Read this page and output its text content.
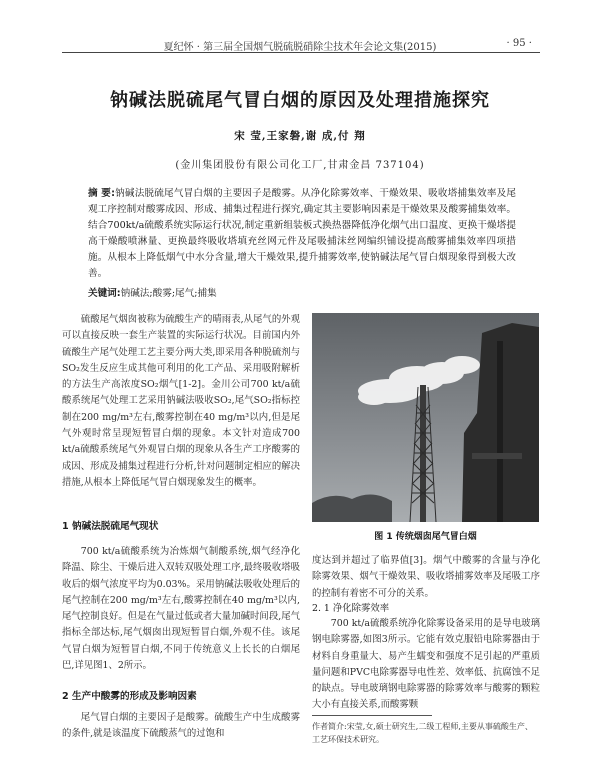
夏纪怀 · 第三届全国烟气脱硫脱硝除尘技术年会论文集(2015)	· 95 ·
钠碱法脱硫尾气冒白烟的原因及处理措施探究
宋 莹,王家磐,谢 成,付 翔
(金川集团股份有限公司化工厂,甘肃金昌 737104)
摘 要:钠碱法脱硫尾气冒白烟的主要因子是酸雾。从净化除雾效率、干燥效果、吸收塔捕集效率及尾观工序控制对酸雾成因、形成、捕集过程进行探究,确定其主要影响因素是干燥效果及酸雾捕集效率。结合700kt/a硫酸系统实际运行状况,制定重新组装板式换热器降低净化烟气出口温度、更换干燥塔提高干燥酸喷淋量、更换最终吸收塔填充丝网元件及尾吸捕沫丝网编织铺设提高酸雾捕集效率四项措施。从根本上降低烟气中水分含量,增大干燥效果,提升捕雾效率,使钠碱法尾气冒白烟现象得到极大改善。
关键词:钠碱法;酸雾;尾气;捕集

硫酸尾气烟囱被称为硫酸生产的晴雨表,从尾气的外观可以直接反映一套生产装置的实际运行状况。目前国内外硫酸生产尾气处理工艺主要分两大类,即采用各种脱硫剂与SO₂发生反应生成其他可利用的化工产品、采用吸附解析的方法生产高浓度SO₂烟气[1-2]。金川公司700 kt/a硫酸系统尾气处理工艺采用钠碱法吸收SO₂,尾气SO₂指标控制在200 mg/m³左右,酸雾控制在40 mg/m³以内,但是尾气外观时常呈现短暂冒白烟的现象。本文针对造成700 kt/a硫酸系统尾气外观冒白烟的现象从各生产工序酸雾的成因、形成及捕集过程进行分析,针对问题制定相应的解决措施,从根本上降低尾气冒白烟现象发生的概率。

1 钠碱法脱硫尾气现状

700 kt/a硫酸系统为冶炼烟气制酸系统,烟气经净化降温、除尘、干燥后进入双转双吸处理工序,最终吸收塔吸收后的烟气浓度平均为0.03%。采用钠碱法吸收处理后的尾气控制在200 mg/m³左右,酸雾控制在40 mg/m³以内,尾气控制良好。但是在气量过低或者大量加碱时间段,尾气指标全部达标,尾气烟囱出现短暂冒白烟,外观不佳。该尾气冒白烟为短暂冒白烟,不同于传统意义上长长的白烟尾巴,详见图1、2所示。

2 生产中酸雾的形成及影响因素

尾气冒白烟的主要因子是酸雾。硫酸生产中生成酸雾的条件,就是该温度下硫酸蒸气的过饱和

图 1 传统烟囱尾气冒白烟

度达到并超过了临界值[3]。烟气中酸雾的含量与净化除雾效果、烟气干燥效果、吸收塔捕雾效率及尾吸工序的控制有着密不可分的关系。

2. 1 净化除雾效率

700 kt/a硫酸系统净化除雾设备采用的是导电玻璃钢电除雾器,如图3所示。它能有效克服铅电除雾器由于材料自身重量大、易产生蠕变和强度不足引起的严重质量问题和PVC电除雾器导电性差、效率低、抗腐蚀不足的缺点。导电玻璃钢电除雾器的除雾效率与酸雾的颗粒大小有直接关系,而酸雾颗

作者简介:宋莹,女,硕士研究生,二级工程师,主要从事硫酸生产、工艺环保技术研究。
